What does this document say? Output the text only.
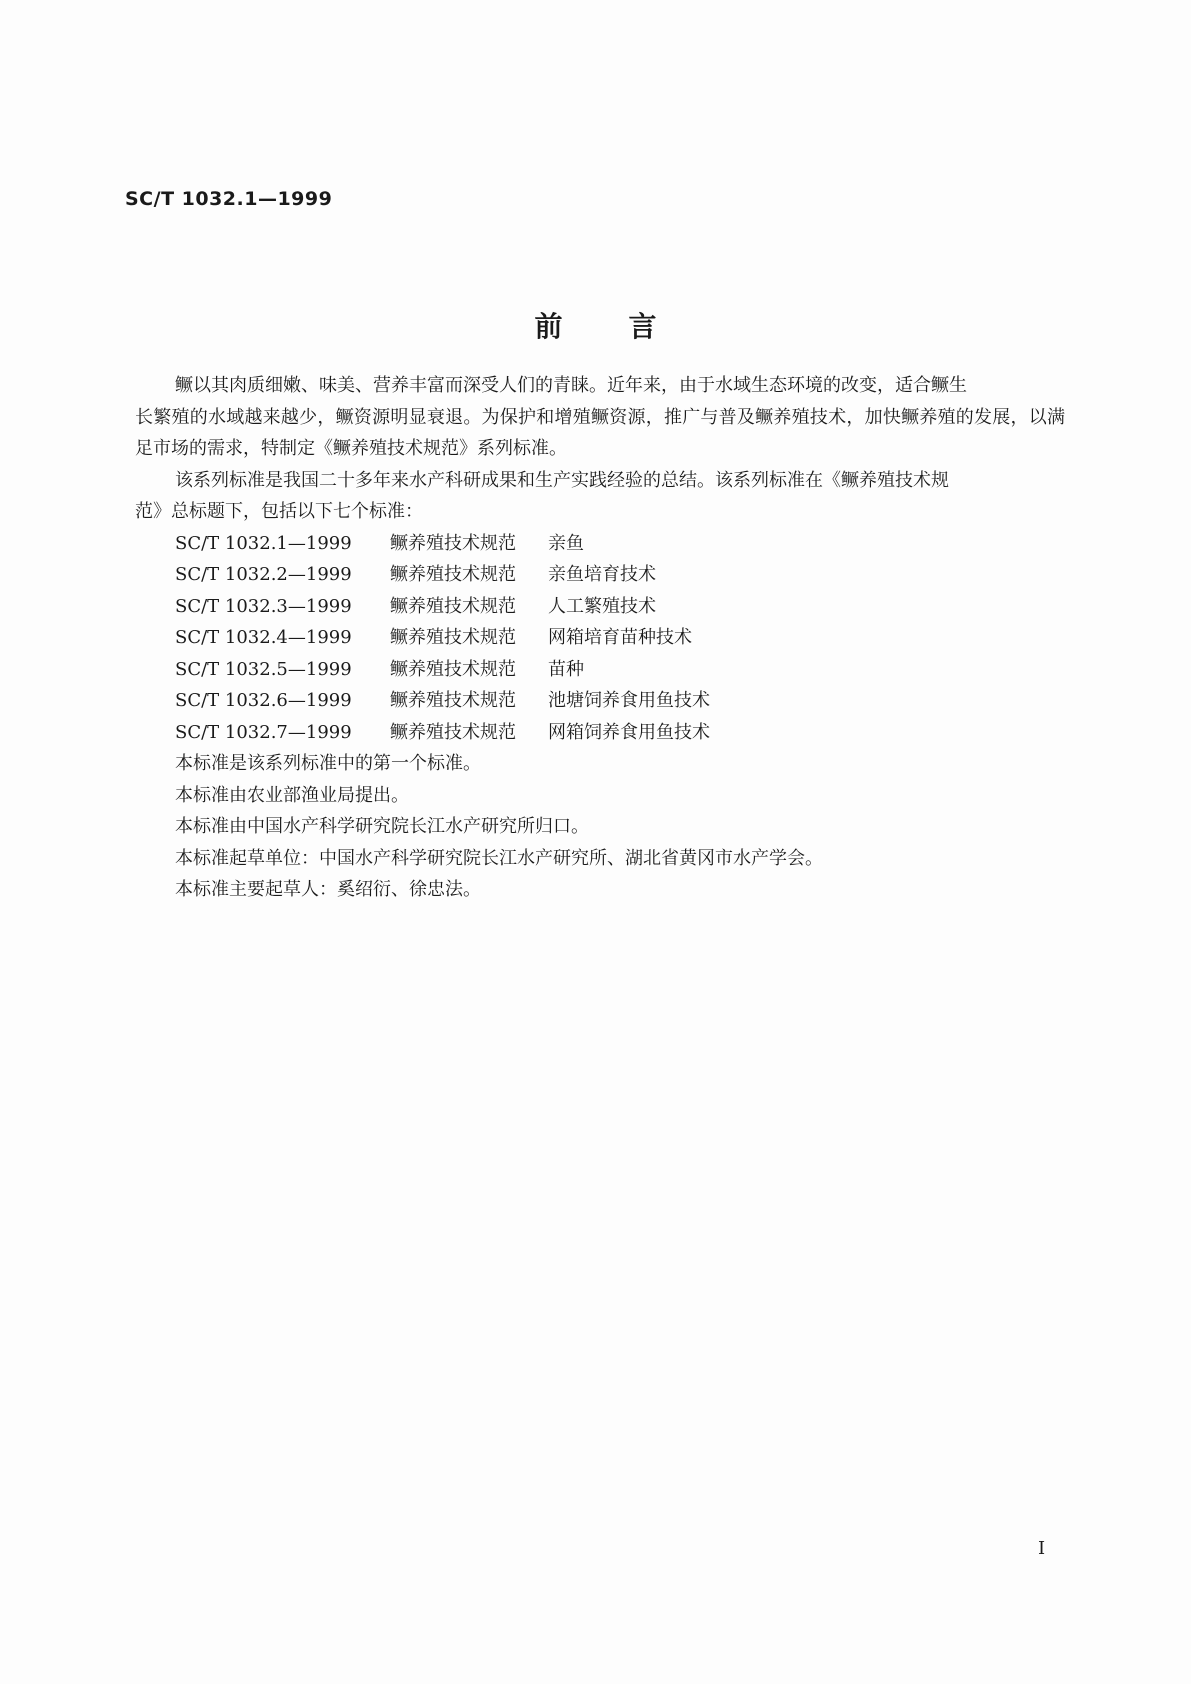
SC/T 1032.1—1999
前言

鳜以其肉质细嫩、味美、营养丰富而深受人们的青睐。近年来，由于水域生态环境的改变，适合鳜生

长繁殖的水域越来越少，鳜资源明显衰退。为保护和增殖鳜资源，推广与普及鳜养殖技术，加快鳜养殖的发展，以满足市场的需求，特制定《鳜养殖技术规范》系列标准。

该系列标准是我国二十多年来水产科研成果和生产实践经验的总结。该系列标准在《鳜养殖技术规

范》总标题下，包括以下七个标准：

SC/T 1032.1—1999	鳜养殖技术规范	亲鱼
SC/T 1032.2—1999	鳜养殖技术规范	亲鱼培育技术
SC/T 1032.3—1999	鳜养殖技术规范	人工繁殖技术
SC/T 1032.4—1999	鳜养殖技术规范	网箱培育苗种技术
SC/T 1032.5—1999	鳜养殖技术规范	苗种
SC/T 1032.6—1999	鳜养殖技术规范	池塘饲养食用鱼技术
SC/T 1032.7—1999	鳜养殖技术规范	网箱饲养食用鱼技术

本标准是该系列标准中的第一个标准。

本标准由农业部渔业局提出。

本标准由中国水产科学研究院长江水产研究所归口。

本标准起草单位：中国水产科学研究院长江水产研究所、湖北省黄冈市水产学会。

本标准主要起草人：奚绍衍、徐忠法。

I
